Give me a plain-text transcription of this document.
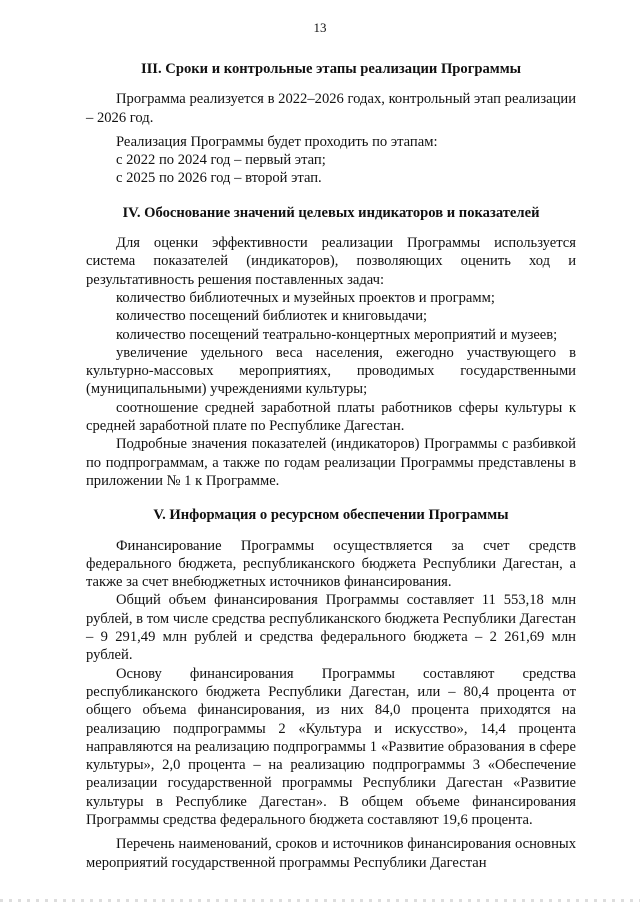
13
III. Сроки и контрольные этапы реализации Программы

Программа реализуется в 2022–2026 годах, контрольный этап реализации – 2026 год.

Реализация Программы будет проходить по этапам:

с 2022 по 2024 год – первый этап;

с 2025 по 2026 год – второй этап.

IV. Обоснование значений целевых индикаторов и показателей

Для оценки эффективности реализации Программы используется система показателей (индикаторов), позволяющих оценить ход и результативность решения поставленных задач:

количество библиотечных и музейных проектов и программ;

количество посещений библиотек и книговыдачи;

количество посещений театрально-концертных мероприятий и музеев;

увеличение удельного веса населения, ежегодно участвующего в культурно-массовых мероприятиях, проводимых государственными (муниципальными) учреждениями культуры;

соотношение средней заработной платы работников сферы культуры к средней заработной плате по Республике Дагестан.

Подробные значения показателей (индикаторов) Программы с разбивкой по подпрограммам, а также по годам реализации Программы представлены в приложении № 1 к Программе.

V. Информация о ресурсном обеспечении Программы

Финансирование Программы осуществляется за счет средств федерального бюджета, республиканского бюджета Республики Дагестан, а также за счет внебюджетных источников финансирования.

Общий объем финансирования Программы составляет 11 553,18 млн рублей, в том числе средства республиканского бюджета Республики Дагестан – 9 291,49 млн рублей и средства федерального бюджета – 2 261,69 млн рублей.

Основу финансирования Программы составляют средства республиканского бюджета Республики Дагестан, или – 80,4 процента от общего объема финансирования, из них 84,0 процента приходятся на реализацию подпрограммы 2 «Культура и искусство», 14,4 процента направляются на реализацию подпрограммы 1 «Развитие образования в сфере культуры», 2,0 процента – на реализацию подпрограммы 3 «Обеспечение реализации государственной программы Республики Дагестан «Развитие культуры в Республике Дагестан». В общем объеме финансирования Программы средства федерального бюджета составляют 19,6 процента.

Перечень наименований, сроков и источников финансирования основных мероприятий государственной программы Республики Дагестан
